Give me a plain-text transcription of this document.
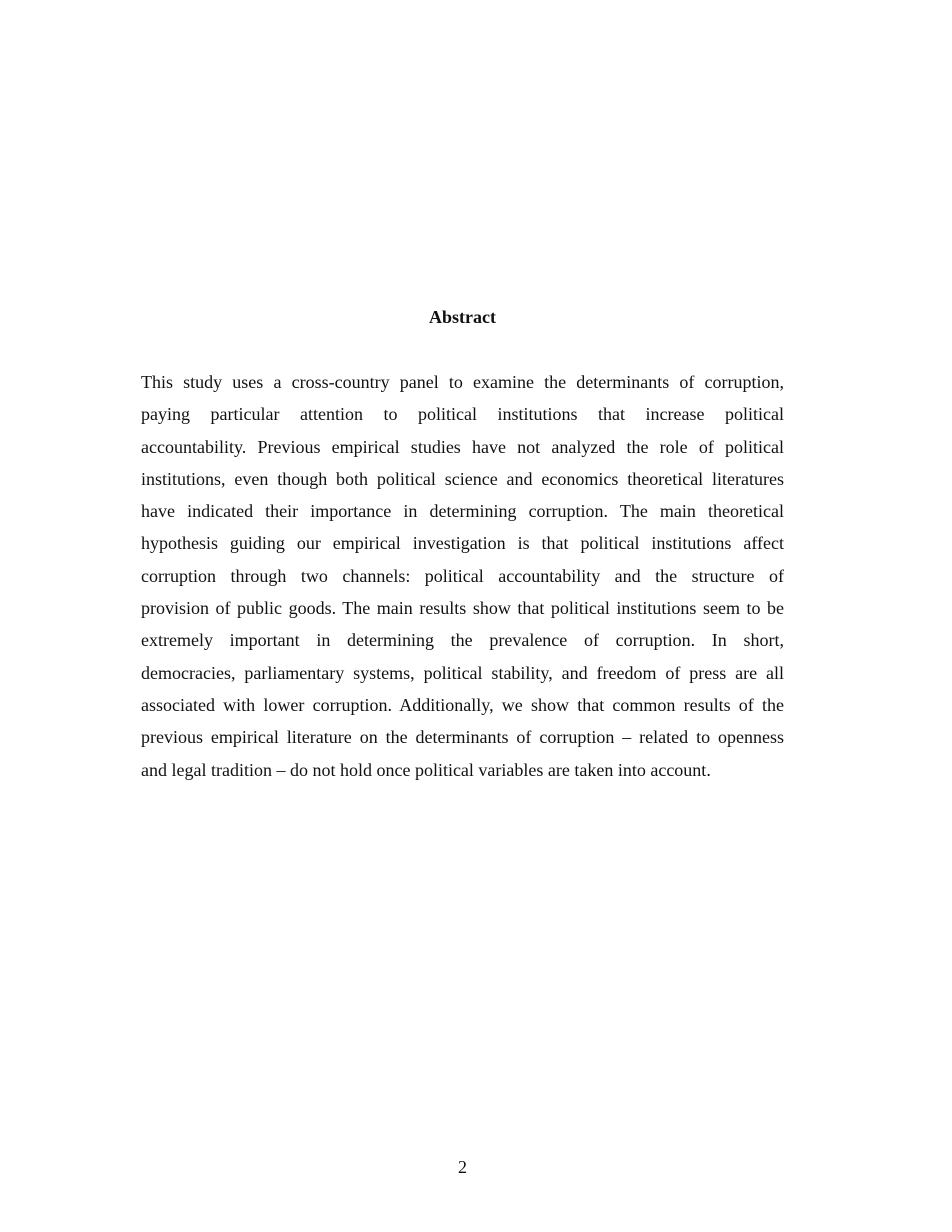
Abstract
This study uses a cross-country panel to examine the determinants of corruption,
paying particular attention to political institutions that increase political
accountability. Previous empirical studies have not analyzed the role of political
institutions, even though both political science and economics theoretical literatures
have indicated their importance in determining corruption. The main theoretical
hypothesis guiding our empirical investigation is that political institutions affect
corruption through two channels: political accountability and the structure of
provision of public goods. The main results show that political institutions seem to be
extremely important in determining the prevalence of corruption. In short,
democracies, parliamentary systems, political stability, and freedom of press are all
associated with lower corruption. Additionally, we show that common results of the
previous empirical literature on the determinants of corruption – related to openness
and legal tradition – do not hold once political variables are taken into account.
2
